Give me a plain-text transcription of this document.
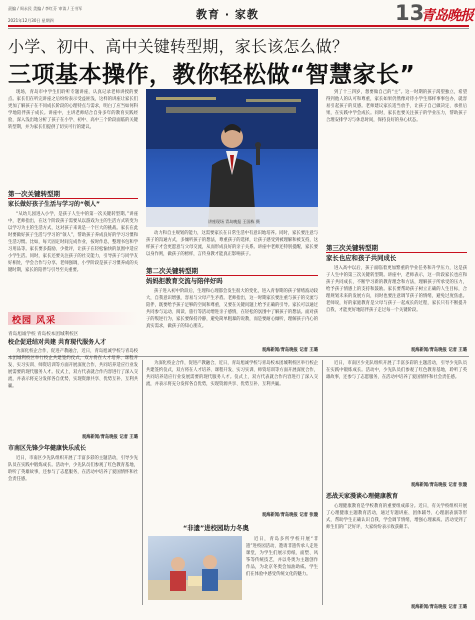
责编 / 周永民 美编 / 李红芬 审读 / 王书军
2021年12月30日 星期四	教育 · 家教	13
青岛晚报
小学、初中、高中关键转型期，家长该怎么做？
三项基本操作，教你轻松做“智慧家长”
讲座现场 青岛晚报 王国栋 摄

现场，青岛市中学生们聆听专题讲座，认真记录老师讲授的要点。家长们在听完讲座之后纷纷表示受益匪浅，这样的讲座让家长们更加了解孩子在不同成长阶段的心理特点与需求，明白了应当如何科学地陪伴孩子成长。讲座中，主讲老师结合自身多年的教育实践经验，深入浅出地分析了孩子在小学、初中、高中三个阶段面临的关键转型期，并为家长们提供了切实可行的建议。

第一次关键转型期
家长做好孩子生活与学习的“领人”

“从幼儿园进入小学，是孩子人生中的第一次关键转型期。”讲座中，老师指出，在这个阶段孩子需要从以游戏为主的生活方式转变为以学习为主的生活方式，这对孩子来说是一个巨大的挑战。家长在此时要做好孩子生活与学习的“领人”，帮助孩子养成良好的学习习惯和生活习惯。比如，每天固定时间完成作业，按时作息，整理书包和学习用品等。家长要多鼓励、少批评，让孩子在轻松愉快的氛围中适应小学生活。同时，家长还要关注孩子的社交能力，引导孩子与同学友好相处，学会合作与分享。老师强调，小学阶段是孩子习惯养成的关键时期，家长的陪伴与引导至关重要。

动力和自主规划的能力，这需要家长在日常生活中有意识地培养。同时，家长要注意与孩子的沟通方式，多倾听孩子的想法，尊重孩子的选择，让孩子感受到被理解和被支持，这样孩子才会更愿意与父母交流，从而形成良好的亲子关系。讲座中老师还特别提醒，家长要以身作则，做孩子的榜样，言传身教才能真正影响孩子。

第二次关键转型期
妈妈拒教育交流与陪伴好吗

孩子进入初中阶段后，生理和心理都会发生很大的变化，进入青春期的孩子情绪波动较大，自我意识增强，容易与父母产生矛盾。老师指出，这一时期家长要注重与孩子的交流与陪伴，既要给予孩子足够的空间和尊重，又要在关键问题上给予正确的引导。家长可以通过共同参与运动、阅读、旅行等活动增进亲子感情，在轻松的氛围中了解孩子的想法。面对孩子的叛逆行为，家长要保持冷静，避免简单粗暴的说教，而是要耐心倾听，理解孩子内心的真实需求，做孩子的知心朋友。

观海新闻/青岛晚报 记者 王璐

到了十三四岁，想要做自己的“主”。这一时期的孩子渴望独立，希望得到他人的认可和尊重，家长如果仍然像对待小学生那样事事包办，就容易引起孩子的反感。老师建议家长适当放手，让孩子自己做决定、承担后果，在实践中学会成长。同时，家长也要关注孩子的学业压力，帮助孩子合理安排学习与休息时间，保持良好的身心状态。

第三次关键转型期
家长也应和孩子共同成长

进入高中以后，孩子面临着更加繁重的学业任务和升学压力，这是孩子人生中的第三次关键转型期。讲座中，老师表示，这一阶段家长也应和孩子共同成长，不断学习新的教育理念和方法，理解孩子所承受的压力，给予孩子情感上的支持和鼓励。家长要帮助孩子树立正确的人生目标，合理规划未来的发展方向，同时也要注意调节孩子的情绪，避免过度焦虑。老师说，好的家庭教育是父母与孩子一起成长的过程，家长只有不断提升自我，才能更好地陪伴孩子走过每一个关键阶段。

观海新闻/青岛晚报 记者 王璐
校园 风采
青岛旭诚学校 青岛校本团城利校区
校企促进结对共建 共育现代服务人才

为深化校企合作，促进产教融合，近日，青岛旭诚学校与青岛校本团城利校区举行校企共建签约仪式，双方将在人才培养、课程开发、实习实训、师资培训等方面开展深度合作，共同培养适应行业发展需要的现代服务人才。仪式上，双方代表就合作内容进行了深入交流，并表示将充分发挥各自优势，实现资源共享、优势互补、互利共赢。

观海新闻/青岛晚报 记者 王璐
市南区先锋少年健康快乐成长

近日，市南区少先队组织开展了丰富多彩的主题活动，引导少先队员在实践中锻炼成长。活动中，少先队员们参观了红色教育基地，聆听了英雄故事，还参与了志愿服务，在活动中培养了爱国情怀和社会责任感。

为深化校企合作，促进产教融合，近日，青岛旭诚学校与青岛校本团城利校区举行校企共建签约仪式，双方将在人才培养、课程开发、实习实训、师资培训等方面开展深度合作，共同培养适应行业发展需要的现代服务人才。仪式上，双方代表就合作内容进行了深入交流，并表示将充分发挥各自优势，实现资源共享、优势互补、互利共赢。

观海新闻/青岛晚报 记者 张璇
“非遗”进校园助力冬奥

近日，青岛多所学校开展“非遗”进校园活动，邀请非遗传承人走进课堂，为学生们展示剪纸、面塑、风筝等传统技艺，并以冬奥为主题创作作品，为北京冬奥会加油助威。学生们在体验中感受传统文化的魅力。

近日，市南区少先队组织开展了丰富多彩的主题活动，引导少先队员在实践中锻炼成长。活动中，少先队员们参观了红色教育基地，聆听了英雄故事，还参与了志愿服务，在活动中培养了爱国情怀和社会责任感。

观海新闻/青岛晚报 记者 张璇
恶战天家漫谈心理健康教育

心理健康教育是学校教育的重要组成部分。近日，有关学校组织开展了心理健康主题教育活动，通过专题讲座、团体辅导、心理剧表演等形式，帮助学生正确认识自我，学会调节情绪，增强心理素质。活动受到了师生们的广泛好评，大家纷纷表示收获颇丰。

观海新闻/青岛晚报 记者 王璐
